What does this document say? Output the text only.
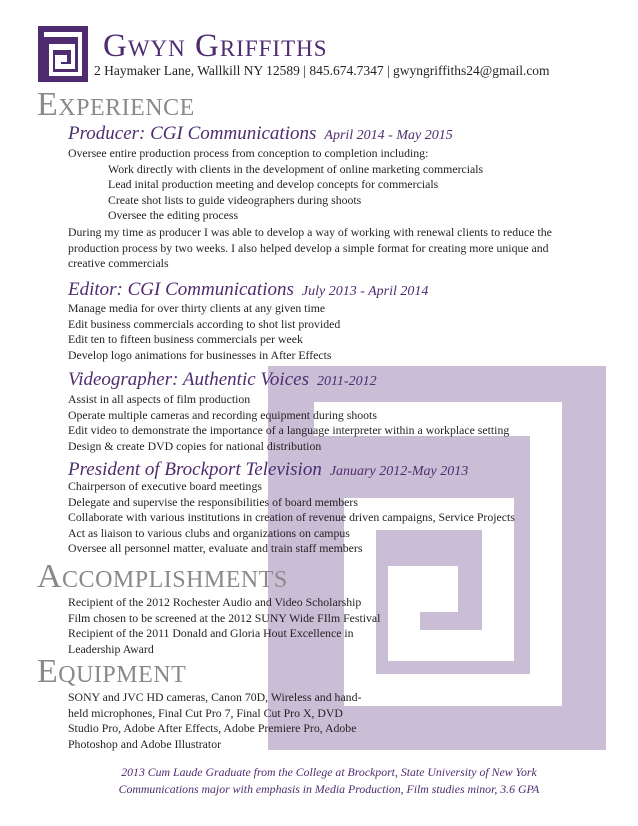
Gwyn Griffiths
2 Haymaker Lane, Wallkill NY 12589 | 845.674.7347 | gwyngriffiths24@gmail.com
Experience
Producer: CGI Communications April 2014 - May 2015
Oversee entire production process from conception to completion including:
Work directly with clients in the development of online marketing commercials
Lead inital production meeting and develop concepts for commercials
Create shot lists to guide videographers during shoots
Oversee the editing process
During my time as producer I was able to develop a way of working with renewal clients to reduce the
production process by two weeks. I also helped develop a simple format for creating more unique and
creative commercials
Editor: CGI Communications July 2013 - April 2014
Manage media for over thirty clients at any given time
Edit business commercials according to shot list provided
Edit ten to fifteen business commercials per week
Develop logo animations for businesses in After Effects
Videographer: Authentic Voices 2011-2012
Assist in all aspects of film production
Operate multiple cameras and recording equipment during shoots
Edit video to demonstrate the importance of a language interpreter within a workplace setting
Design & create DVD copies for national distribution
President of Brockport Television January 2012-May 2013
Chairperson of executive board meetings
Delegate and supervise the responsibilities of board members
Collaborate with various institutions in creation of revenue driven campaigns, Service Projects
Act as liaison to various clubs and organizations on campus
Oversee all personnel matter, evaluate and train staff members
Accomplishments
Recipient of the 2012 Rochester Audio and Video Scholarship
Film chosen to be screened at the 2012 SUNY Wide FIlm Festival
Recipient of the 2011 Donald and Gloria Hout Excellence in
Leadership Award
Equipment
SONY and JVC HD cameras, Canon 70D, Wireless and hand-
held microphones, Final Cut Pro 7, Final Cut Pro X, DVD
Studio Pro, Adobe After Effects, Adobe Premiere Pro, Adobe
Photoshop and Adobe Illustrator
2013 Cum Laude Graduate from the College at Brockport, State University of New York
Communications major with emphasis in Media Production, Film studies minor, 3.6 GPA
